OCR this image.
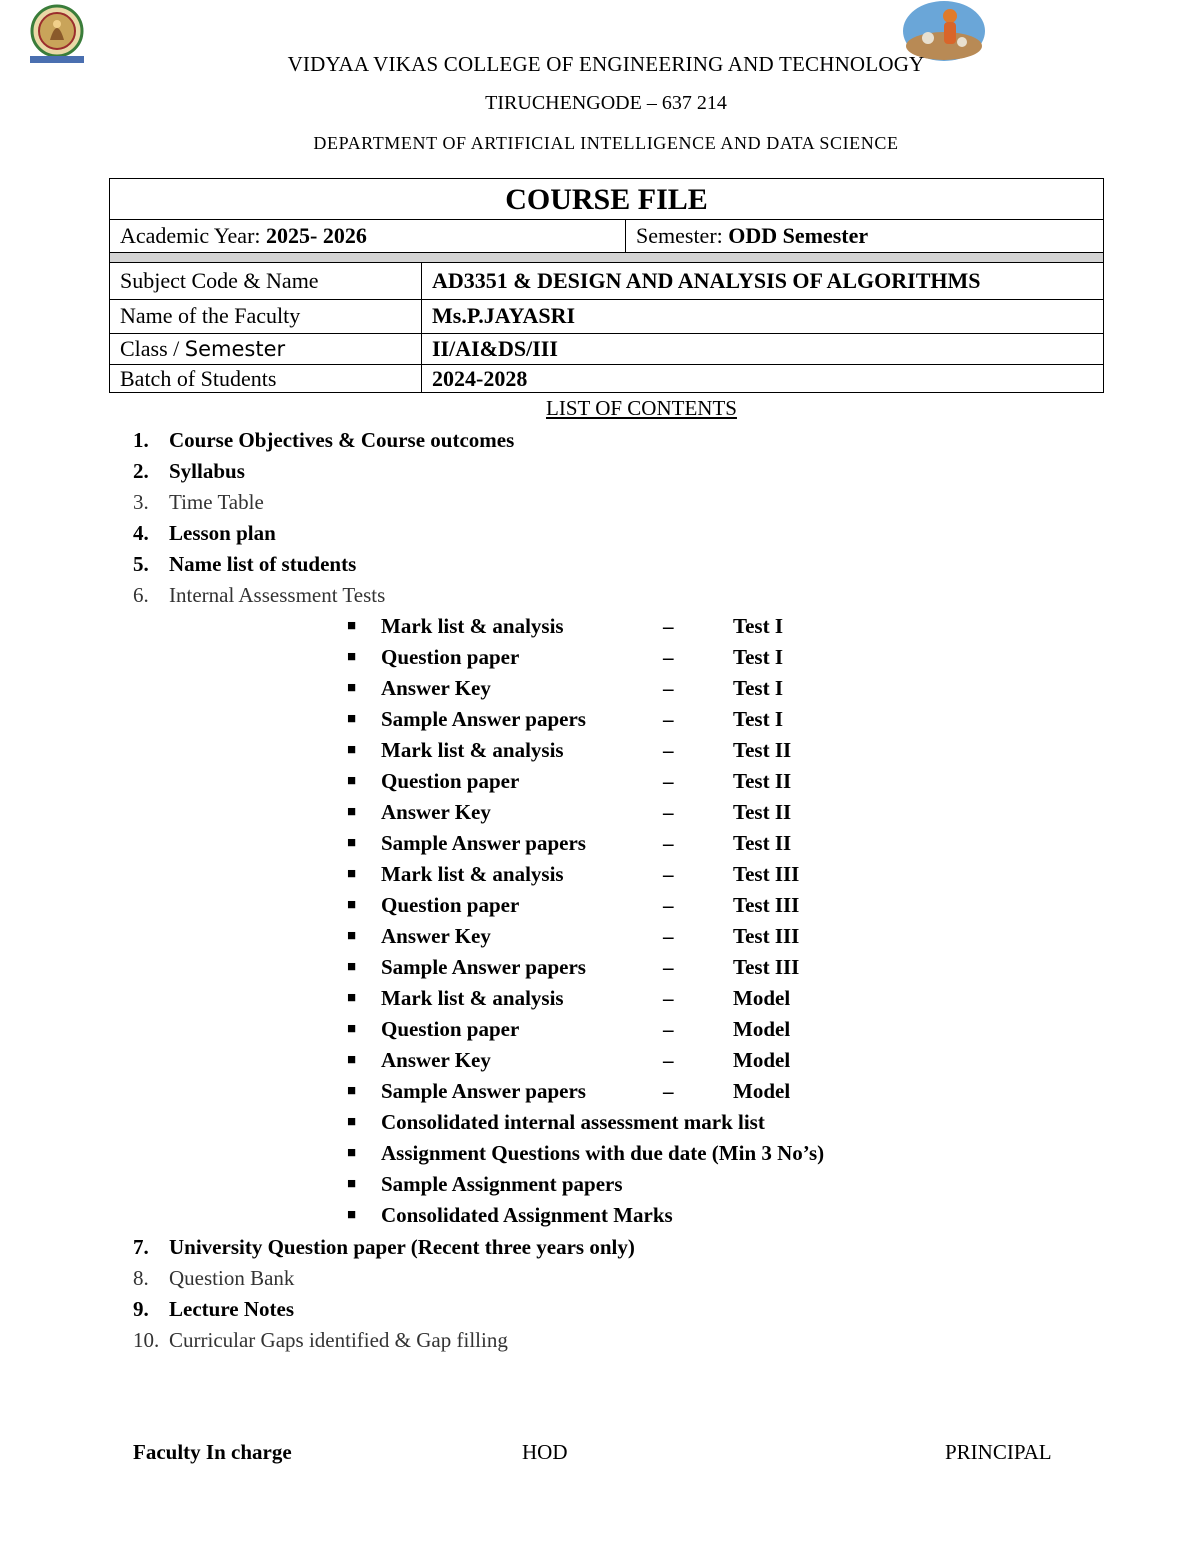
VIDYAA VIKAS COLLEGE OF ENGINEERING AND TECHNOLOGY
TIRUCHENGODE – 637 214
DEPARTMENT OF ARTIFICIAL INTELLIGENCE AND DATA SCIENCE
COURSE FILE
Academic Year: 2025- 2026	Semester: ODD Semester
Subject Code & Name	AD3351 & DESIGN AND ANALYSIS OF ALGORITHMS
Name of the Faculty	Ms.P.JAYASRI
Class / Semester	II/AI&DS/III
Batch of Students	2024-2028
LIST OF CONTENTS
1. Course Objectives & Course outcomes
2. Syllabus
3. Time Table
4. Lesson plan
5. Name list of students
6. Internal Assessment Tests
■ Mark list & analysis	–	Test I
■ Question paper	–	Test I
■ Answer Key	–	Test I
■ Sample Answer papers	–	Test I
■ Mark list & analysis	–	Test II
■ Question paper	–	Test II
■ Answer Key	–	Test II
■ Sample Answer papers	–	Test II
■ Mark list & analysis	–	Test III
■ Question paper	–	Test III
■ Answer Key	–	Test III
■ Sample Answer papers	–	Test III
■ Mark list & analysis	–	Model
■ Question paper	–	Model
■ Answer Key	–	Model
■ Sample Answer papers	–	Model
■ Consolidated internal assessment mark list
■ Assignment Questions with due date (Min 3 No’s)
■ Sample Assignment papers
■ Consolidated Assignment Marks
7. University Question paper (Recent three years only)
8. Question Bank
9. Lecture Notes
10. Curricular Gaps identified & Gap filling
Faculty In charge	HOD	PRINCIPAL
